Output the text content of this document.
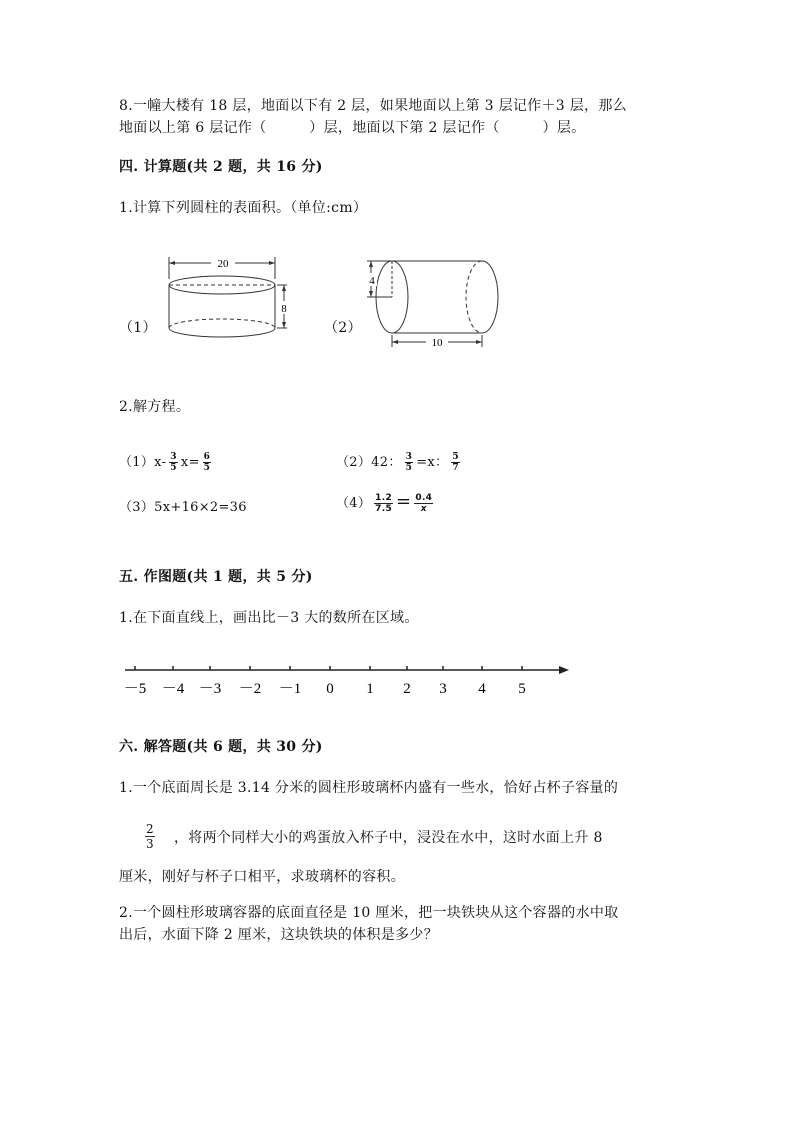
8.一幢大楼有 18 层，地面以下有 2 层，如果地面以上第 3 层记作＋3 层，那么
地面以上第 6 层记作（　　　）层，地面以下第 2 层记作（　　　）层。
四. 计算题(共 2 题，共 16 分)
1.计算下列圆柱的表面积。（单位:cm）
（1）
20
8
（2）
4
10
2.解方程。
$(1)x- \frac{3}{5} x= \frac{6}{5}$	（2）42： $\frac{3}{5} =x$： $\frac{5}{7}$
（3）5x+16×2=36	$(4) \frac{1.2}{7.5} = \frac{0.4}{x}$
五. 作图题(共 1 题，共 5 分)
1.在下面直线上，画出比－3 大的数所在区域。
－5 －4 －3 －2 －1 0 1 2 3 4 5
六. 解答题(共 6 题，共 30 分)
1.一个底面周长是 3.14 分米的圆柱形玻璃杯内盛有一些水，恰好占杯子容量的
$\frac{2}{3}$ ，将两个同样大小的鸡蛋放入杯子中，浸没在水中，这时水面上升 8
厘米，刚好与杯子口相平，求玻璃杯的容积。
2.一个圆柱形玻璃容器的底面直径是 10 厘米，把一块铁块从这个容器的水中取
出后，水面下降 2 厘米，这块铁块的体积是多少？
